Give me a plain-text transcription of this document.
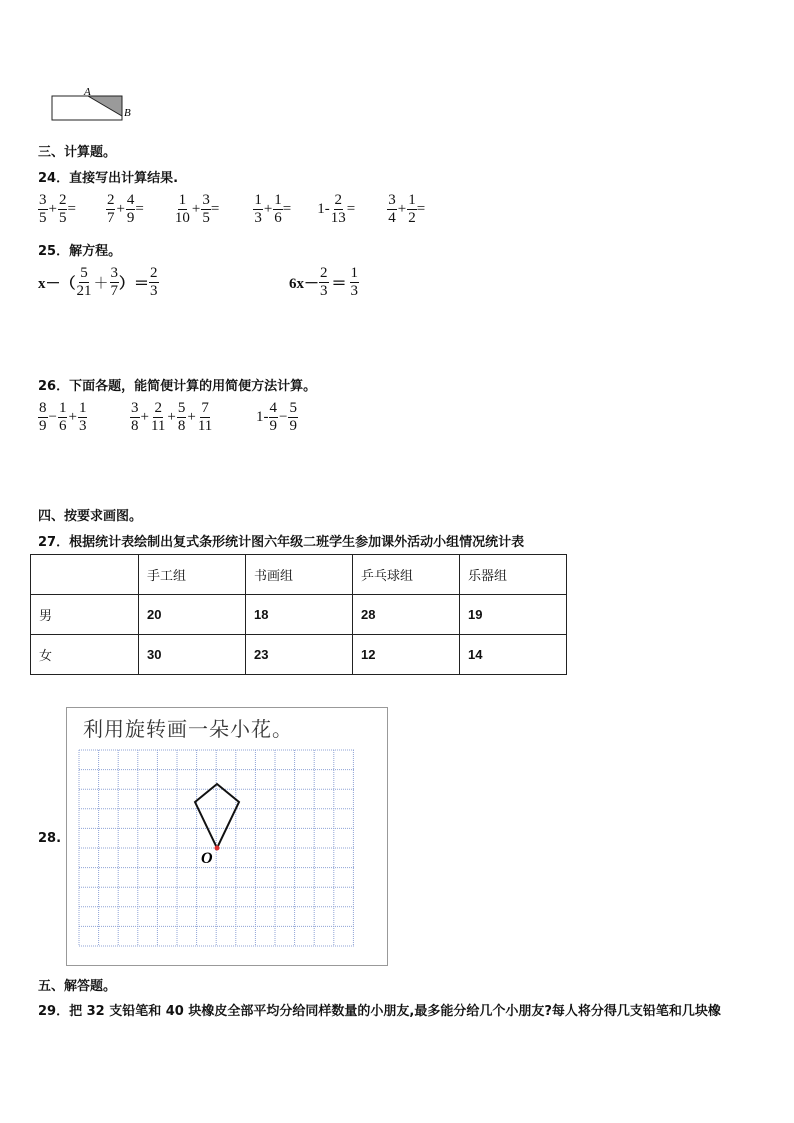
A
B
三、计算题。
24．直接写出计算结果.
$\frac{3}{5} + \frac{2}{5} = \frac{2}{7} + \frac{4}{9} = \frac{1}{10} + \frac{3}{5} = \frac{1}{3} + \frac{1}{6} = 1- \frac{2}{13} = \frac{3}{4} + \frac{1}{2}$ =
25．解方程。
$x-( \frac{5}{21} + \frac{3}{7}$ ）＝ $\frac{2}{3}$	$6x- \frac{2}{3} = \frac{1}{3}$
26．下面各题，能简便计算的用简便方法计算。
$\frac{8}{9} - \frac{1}{6} + \frac{1}{3}$	$\frac{3}{8} + \frac{2}{11} + \frac{5}{8} + \frac{7}{11}$	$1- \frac{4}{9} - \frac{5}{9}$
四、按要求画图。
27．根据统计表绘制出复式条形统计图六年级二班学生参加课外活动小组情况统计表
	手工组	书画组	乒乓球组	乐器组
男	20	18	28	19
女	30	23	12	14
28.
利用旋转画一朵小花。
O
五、解答题。
29．把 32 支铅笔和 40 块橡皮全部平均分给同样数量的小朋友,最多能分给几个小朋友?每人将分得几支铅笔和几块橡
